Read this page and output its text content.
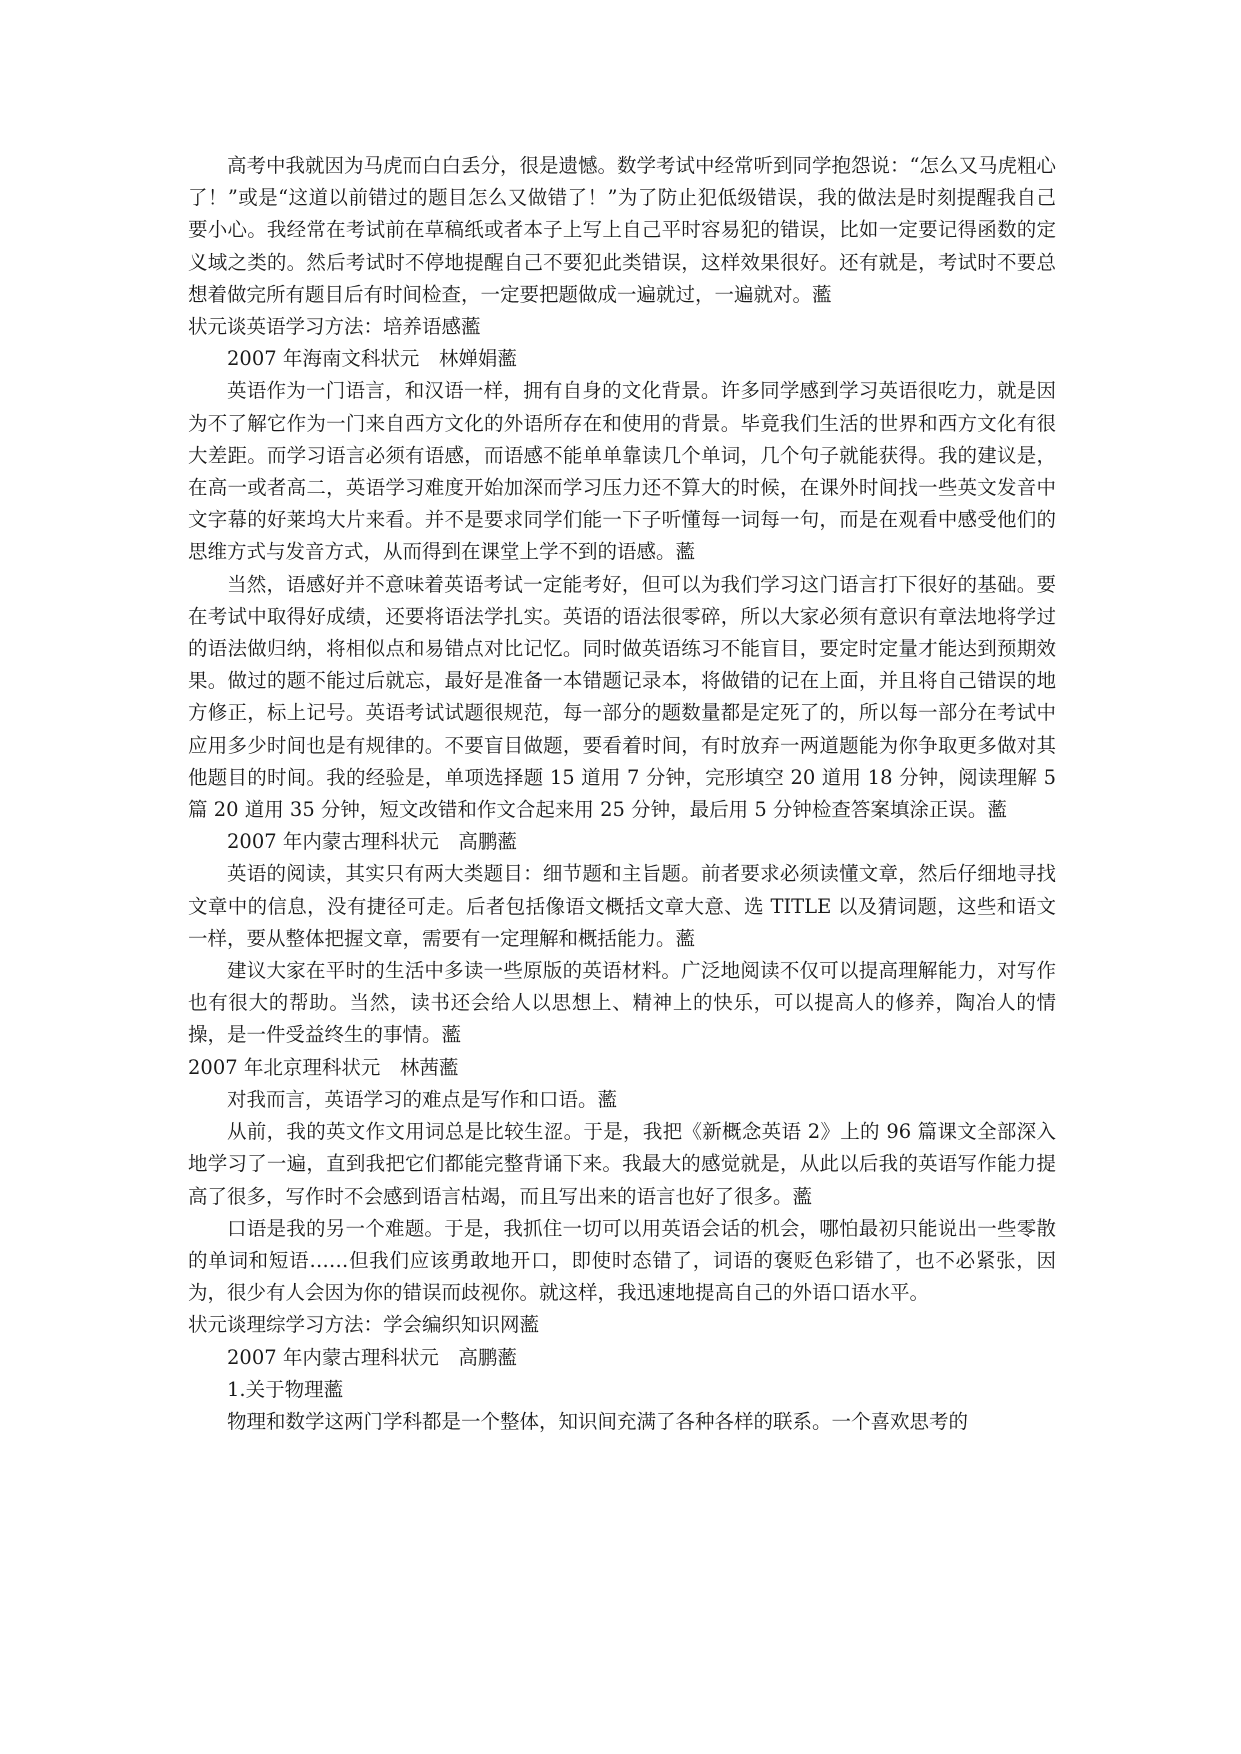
高考中我就因为马虎而白白丢分，很是遗憾。数学考试中经常听到同学抱怨说：“怎么又马虎粗心了！”或是“这道以前错过的题目怎么又做错了！”为了防止犯低级错误，我的做法是时刻提醒我自己要小心。我经常在考试前在草稿纸或者本子上写上自己平时容易犯的错误，比如一定要记得函数的定义域之类的。然后考试时不停地提醒自己不要犯此类错误，这样效果很好。还有就是，考试时不要总想着做完所有题目后有时间检查，一定要把题做成一遍就过，一遍就对。蘫

状元谈英语学习方法：培养语感蘫

2007 年海南文科状元　林婵娟蘫

英语作为一门语言，和汉语一样，拥有自身的文化背景。许多同学感到学习英语很吃力，就是因为不了解它作为一门来自西方文化的外语所存在和使用的背景。毕竟我们生活的世界和西方文化有很大差距。而学习语言必须有语感，而语感不能单单靠读几个单词，几个句子就能获得。我的建议是，在高一或者高二，英语学习难度开始加深而学习压力还不算大的时候，在课外时间找一些英文发音中文字幕的好莱坞大片来看。并不是要求同学们能一下子听懂每一词每一句，而是在观看中感受他们的思维方式与发音方式，从而得到在课堂上学不到的语感。蘫

当然，语感好并不意味着英语考试一定能考好，但可以为我们学习这门语言打下很好的基础。要在考试中取得好成绩，还要将语法学扎实。英语的语法很零碎，所以大家必须有意识有章法地将学过的语法做归纳，将相似点和易错点对比记忆。同时做英语练习不能盲目，要定时定量才能达到预期效果。做过的题不能过后就忘，最好是准备一本错题记录本，将做错的记在上面，并且将自己错误的地方修正，标上记号。英语考试试题很规范，每一部分的题数量都是定死了的，所以每一部分在考试中应用多少时间也是有规律的。不要盲目做题，要看着时间，有时放弃一两道题能为你争取更多做对其他题目的时间。我的经验是，单项选择题 15 道用 7 分钟，完形填空 20 道用 18 分钟，阅读理解 5 篇 20 道用 35 分钟，短文改错和作文合起来用 25 分钟，最后用 5 分钟检查答案填涂正误。蘫

2007 年内蒙古理科状元　高鹏蘫

英语的阅读，其实只有两大类题目：细节题和主旨题。前者要求必须读懂文章，然后仔细地寻找文章中的信息，没有捷径可走。后者包括像语文概括文章大意、选 TITLE 以及猜词题，这些和语文一样，要从整体把握文章，需要有一定理解和概括能力。蘫

建议大家在平时的生活中多读一些原版的英语材料。广泛地阅读不仅可以提高理解能力，对写作也有很大的帮助。当然，读书还会给人以思想上、精神上的快乐，可以提高人的修养，陶冶人的情操，是一件受益终生的事情。蘫

2007 年北京理科状元　林茜蘫

对我而言，英语学习的难点是写作和口语。蘫

从前，我的英文作文用词总是比较生涩。于是，我把《新概念英语 2》上的 96 篇课文全部深入地学习了一遍，直到我把它们都能完整背诵下来。我最大的感觉就是，从此以后我的英语写作能力提高了很多，写作时不会感到语言枯竭，而且写出来的语言也好了很多。蘫

口语是我的另一个难题。于是，我抓住一切可以用英语会话的机会，哪怕最初只能说出一些零散的单词和短语……但我们应该勇敢地开口，即使时态错了，词语的褒贬色彩错了，也不必紧张，因为，很少有人会因为你的错误而歧视你。就这样，我迅速地提高自己的外语口语水平。

状元谈理综学习方法：学会编织知识网蘫

2007 年内蒙古理科状元　高鹏蘫

1.关于物理蘫

物理和数学这两门学科都是一个整体，知识间充满了各种各样的联系。一个喜欢思考的
